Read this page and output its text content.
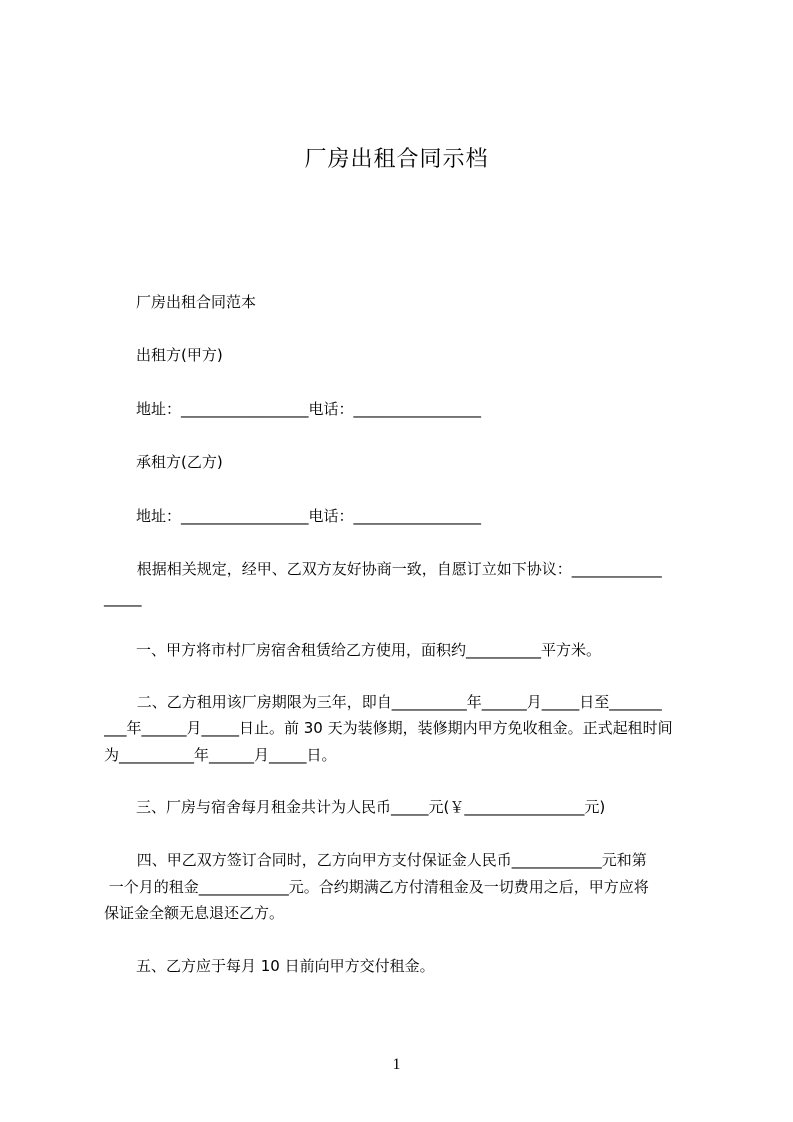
厂房出租合同示档
厂房出租合同范本
出租方(甲方)
地址：_________________电话：_________________
承租方(乙方)
地址：_________________电话：_________________
根据相关规定，经甲、乙双方友好协商一致，自愿订立如下协议：____________
_____
一、甲方将市村厂房宿舍租赁给乙方使用，面积约__________平方米。
二、乙方租用该厂房期限为三年，即自__________年______月_____日至_______
___年______月_____日止。前 30 天为装修期，装修期内甲方免收租金。正式起租时间
为__________年______月_____日。
三、厂房与宿舍每月租金共计为人民币_____元(￥________________元)
四、甲乙双方签订合同时，乙方向甲方支付保证金人民币____________元和第
一个月的租金____________元。合约期满乙方付清租金及一切费用之后，甲方应将
保证金全额无息退还乙方。
五、乙方应于每月 10 日前向甲方交付租金。
1
